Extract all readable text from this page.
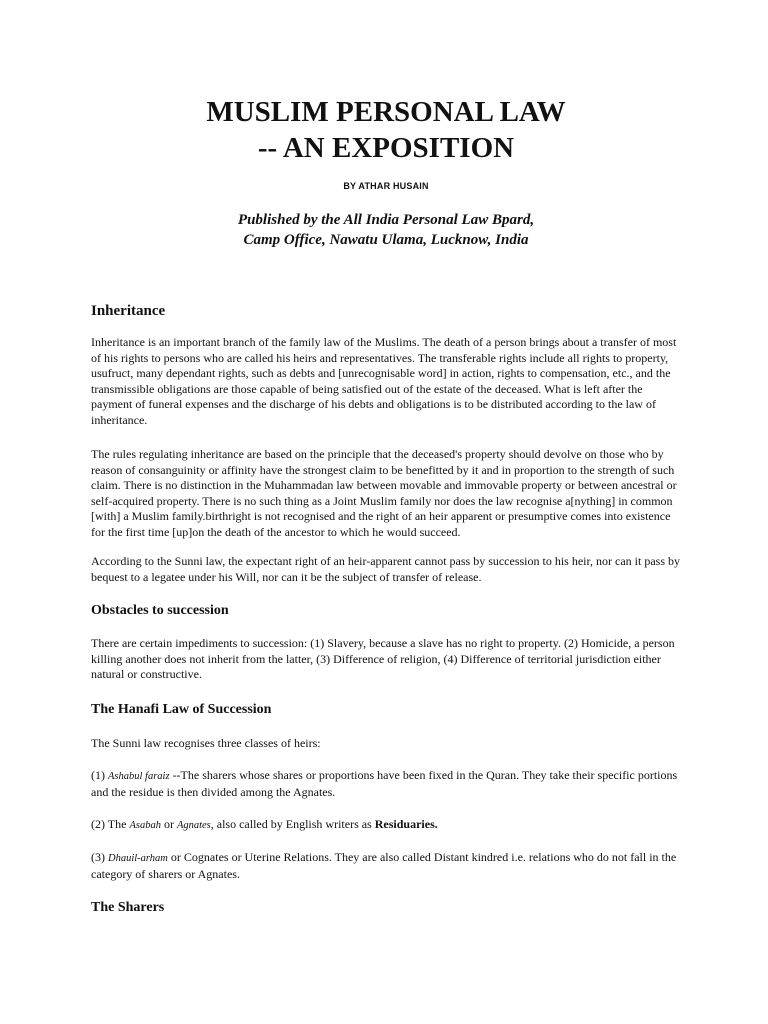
MUSLIM PERSONAL LAW
-- AN EXPOSITION
BY ATHAR HUSAIN
Published by the All India Personal Law Bpard,
Camp Office, Nawatu Ulama, Lucknow, India
Inheritance

Inheritance is an important branch of the family law of the Muslims. The death of a person brings about a transfer of most of his rights to persons who are called his heirs and representatives. The transferable rights include all rights to property, usufruct, many dependant rights, such as debts and [unrecognisable word] in action, rights to compensation, etc., and the transmissible obligations are those capable of being satisfied out of the estate of the deceased. What is left after the payment of funeral expenses and the discharge of his debts and obligations is to be distributed according to the law of inheritance.

The rules regulating inheritance are based on the principle that the deceased's property should devolve on those who by reason of consanguinity or affinity have the strongest claim to be benefitted by it and in proportion to the strength of such claim. There is no distinction in the Muhammadan law between movable and immovable property or between ancestral or self-acquired property. There is no such thing as a Joint Muslim family nor does the law recognise a[nything] in common [with] a Muslim family.birthright is not recognised and the right of an heir apparent or presumptive comes into existence for the first time [up]on the death of the ancestor to which he would succeed.

According to the Sunni law, the expectant right of an heir-apparent cannot pass by succession to his heir, nor can it pass by bequest to a legatee under his Will, nor can it be the subject of transfer of release.

Obstacles to succession

There are certain impediments to succession: (1) Slavery, because a slave has no right to property. (2) Homicide, a person killing another does not inherit from the latter, (3) Difference of religion, (4) Difference of territorial jurisdiction either natural or constructive.

The Hanafi Law of Succession

The Sunni law recognises three classes of heirs:

(1) Ashabul faraiz --The sharers whose shares or proportions have been fixed in the Quran. They take their specific portions and the residue is then divided among the Agnates.

(2) The Asabah or Agnates, also called by English writers as Residuaries.

(3) Dhauil-arham or Cognates or Uterine Relations. They are also called Distant kindred i.e. relations who do not fall in the category of sharers or Agnates.

The Sharers
